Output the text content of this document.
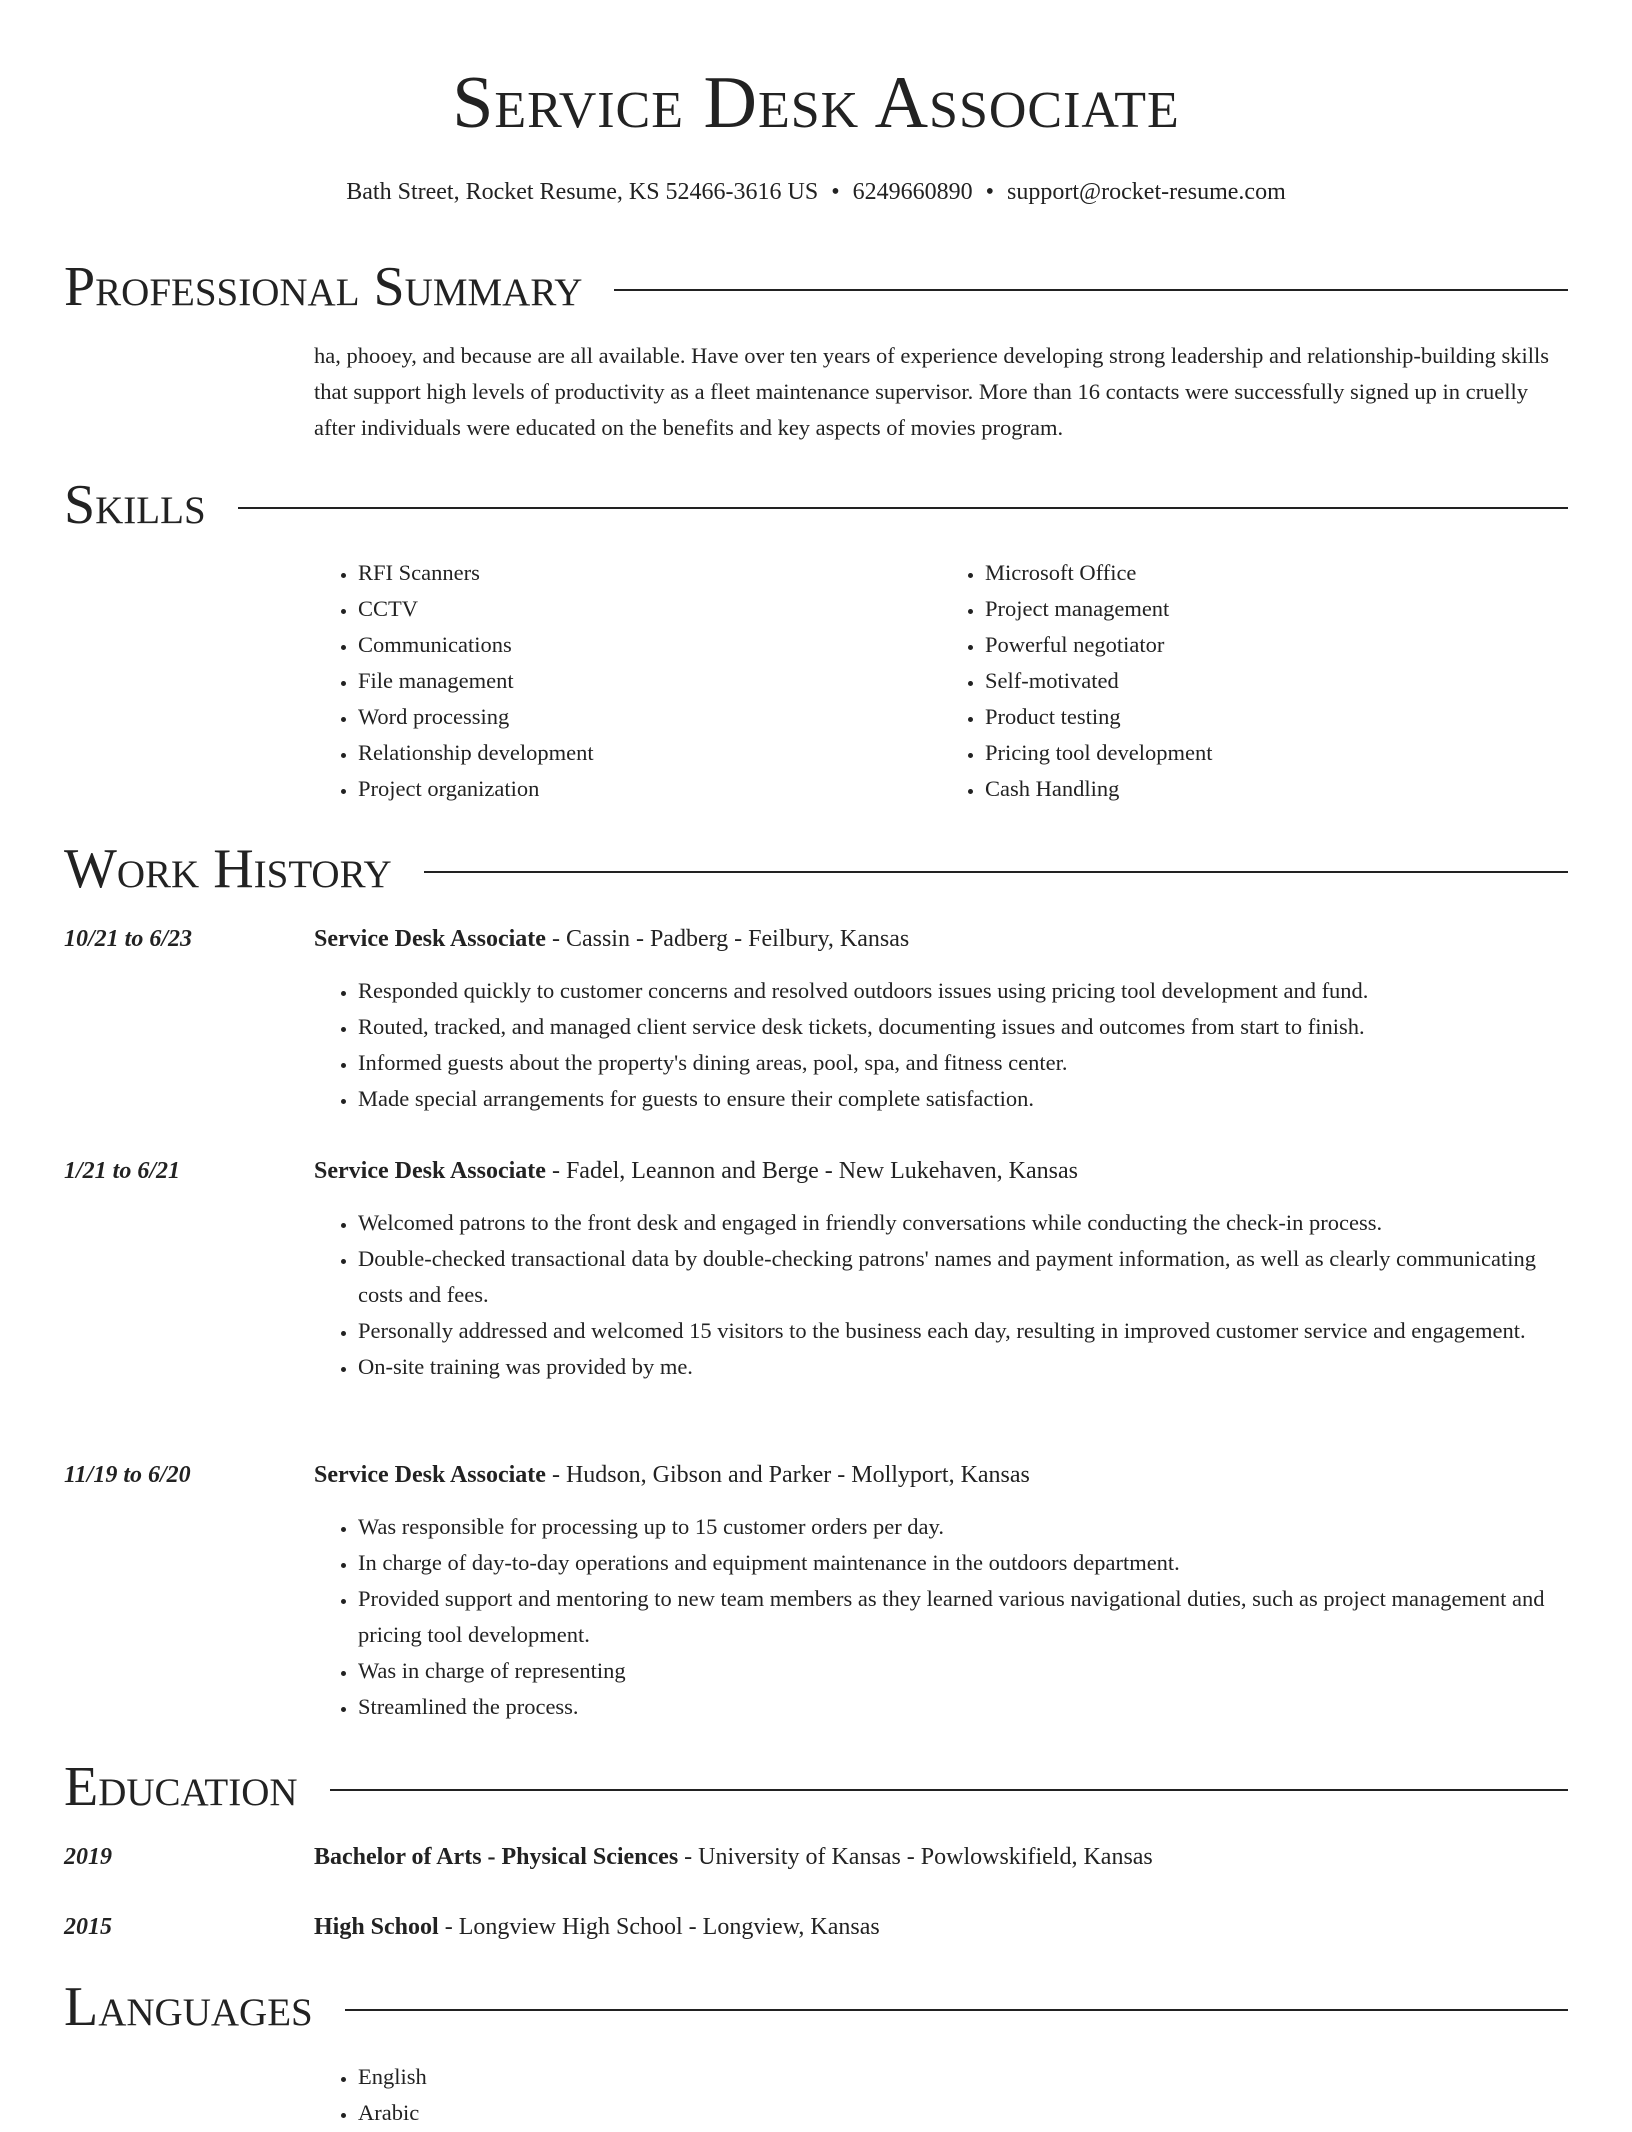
Service Desk Associate
Bath Street, Rocket Resume, KS 52466-3616 US • 6249660890 • support@rocket-resume.com
Professional Summary

ha, phooey, and because are all available. Have over ten years of experience developing strong leadership and relationship-building skills that support high levels of productivity as a fleet maintenance supervisor. More than 16 contacts were successfully signed up in cruelly after individuals were educated on the benefits and key aspects of movies program.

Skills
• RFI Scanners
• CCTV
• Communications
• File management
• Word processing
• Relationship development
• Project organization
• Microsoft Office
• Project management
• Powerful negotiator
• Self-motivated
• Product testing
• Pricing tool development
• Cash Handling
Work History
10/21 to 6/23	Service Desk Associate - Cassin - Padberg - Feilbury, Kansas
• Responded quickly to customer concerns and resolved outdoors issues using pricing tool development and fund.
• Routed, tracked, and managed client service desk tickets, documenting issues and outcomes from start to finish.
• Informed guests about the property's dining areas, pool, spa, and fitness center.
• Made special arrangements for guests to ensure their complete satisfaction.
1/21 to 6/21	Service Desk Associate - Fadel, Leannon and Berge - New Lukehaven, Kansas
• Welcomed patrons to the front desk and engaged in friendly conversations while conducting the check-in process.
• Double-checked transactional data by double-checking patrons' names and payment information, as well as clearly communicating costs and fees.
• Personally addressed and welcomed 15 visitors to the business each day, resulting in improved customer service and engagement.
• On-site training was provided by me.
11/19 to 6/20	Service Desk Associate - Hudson, Gibson and Parker - Mollyport, Kansas
• Was responsible for processing up to 15 customer orders per day.
• In charge of day-to-day operations and equipment maintenance in the outdoors department.
• Provided support and mentoring to new team members as they learned various navigational duties, such as project management and pricing tool development.
• Was in charge of representing
• Streamlined the process.
Education
2019	Bachelor of Arts - Physical Sciences - University of Kansas - Powlowskifield, Kansas
2015	High School - Longview High School - Longview, Kansas
Languages
• English
• Arabic
